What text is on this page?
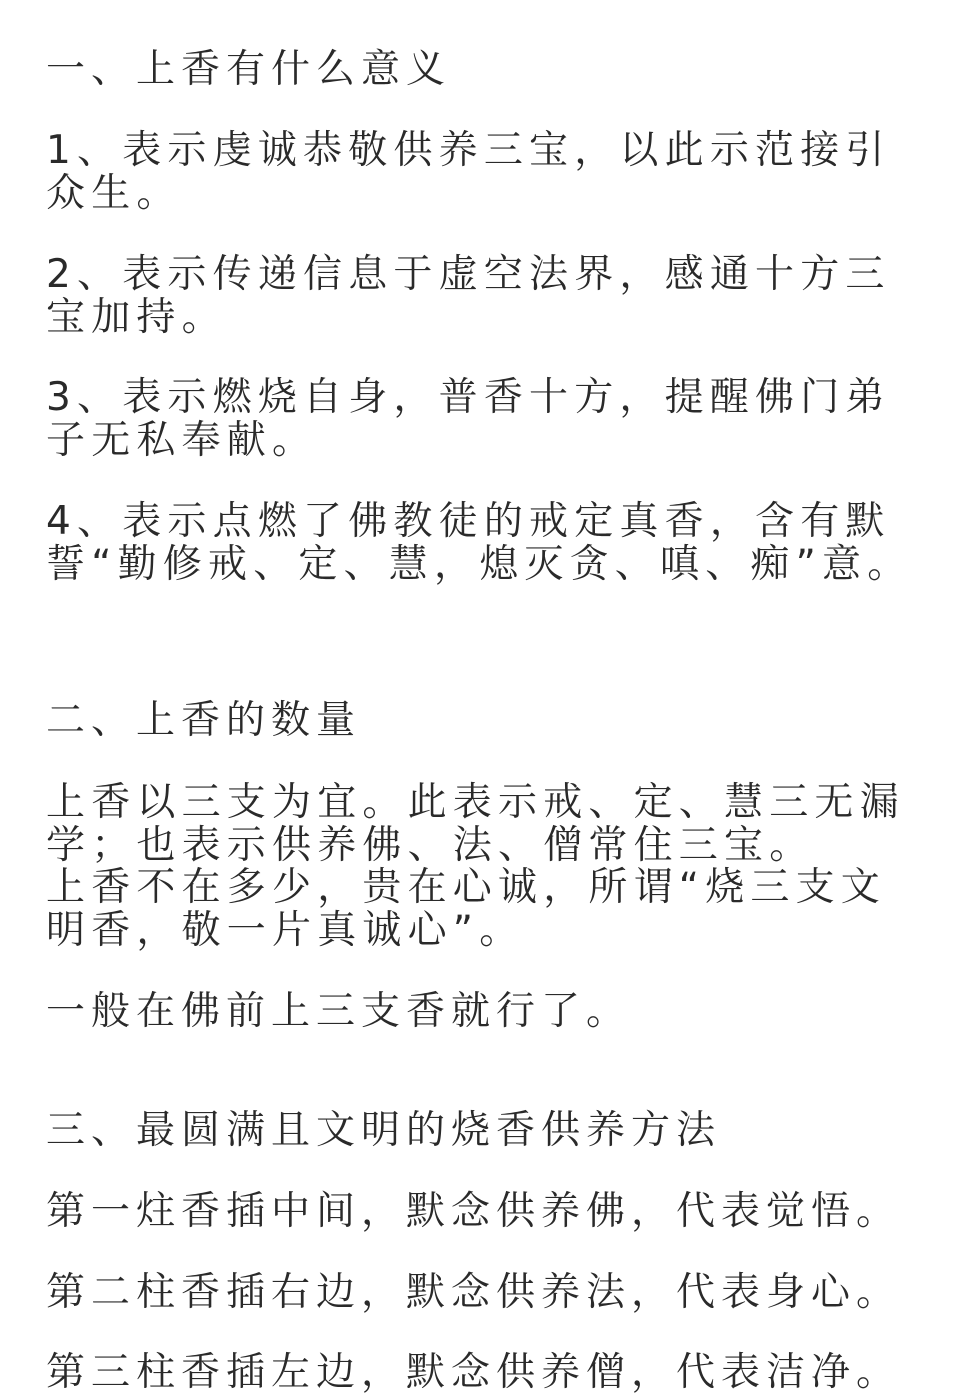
一、上香有什么意义
1、表示虔诚恭敬供养三宝，以此示范接引众生。
2、表示传递信息于虚空法界，感通十方三宝加持。
3、表示燃烧自身，普香十方，提醒佛门弟子无私奉献。
4、表示点燃了佛教徒的戒定真香，含有默誓“勤修戒、定、慧，熄灭贪、嗔、痴”意。
二、上香的数量
上香以三支为宜。此表示戒、定、慧三无漏学；也表示供养佛、法、僧常住三宝。
上香不在多少，贵在心诚，所谓“烧三支文明香，敬一片真诚心”。
一般在佛前上三支香就行了。
三、最圆满且文明的烧香供养方法
第一炷香插中间，默念供养佛，代表觉悟。
第二柱香插右边，默念供养法，代表身心。
第三柱香插左边，默念供养僧，代表洁净。
